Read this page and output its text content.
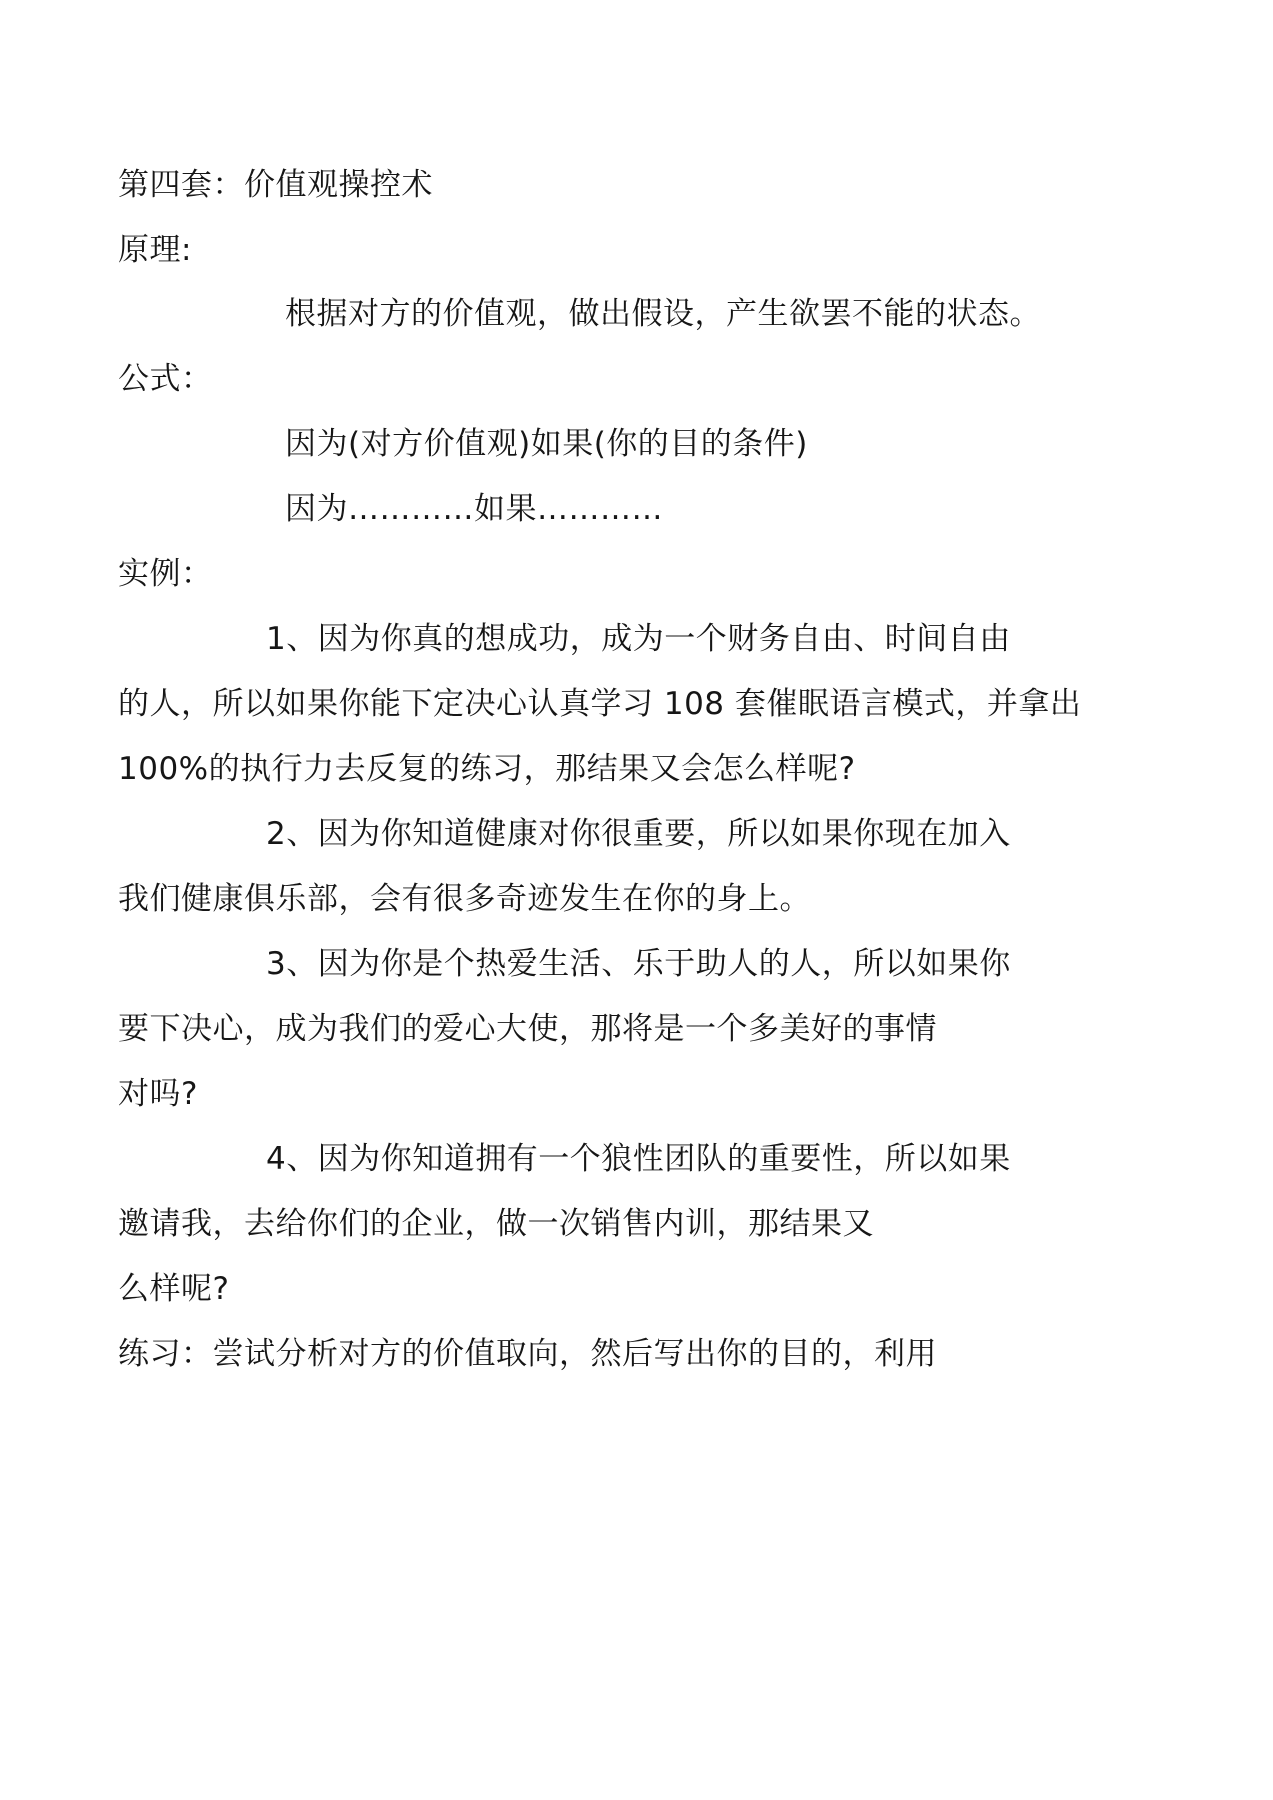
第四套：价值观操控术

原理:

根据对方的价值观，做出假设，产生欲罢不能的状态。

公式：

因为(对方价值观)如果(你的目的条件)

因为…………如果…………

实例：

1、因为你真的想成功，成为一个财务自由、时间自由

的人，所以如果你能下定决心认真学习 108 套催眠语言模式，并拿出

100%的执行力去反复的练习，那结果又会怎么样呢?

2、因为你知道健康对你很重要，所以如果你现在加入

我们健康俱乐部，会有很多奇迹发生在你的身上。

3、因为你是个热爱生活、乐于助人的人，所以如果你

要下决心，成为我们的爱心大使，那将是一个多美好的事情

对吗?

4、因为你知道拥有一个狼性团队的重要性，所以如果

邀请我，去给你们的企业，做一次销售内训，那结果又

么样呢?

练习：尝试分析对方的价值取向，然后写出你的目的，利用
